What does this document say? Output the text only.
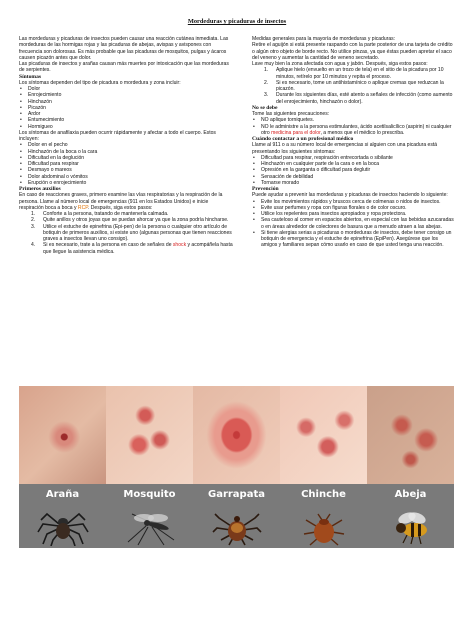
Mordeduras y picaduras de insectos

Las mordeduras y picaduras de insectos pueden causar una reacción cutánea inmediata. Las mordeduras de las hormigas rojas y las picaduras de abejas, avispas y avispones con frecuencia son dolorosas. Es más probable que las picaduras de mosquitos, pulgas y ácaros causen picazón antes que dolor.

Las picaduras de insectos y arañas causan más muertes por intoxicación que las mordeduras de serpientes.

Síntomas

Los síntomas dependen del tipo de picadura o mordedura y zona incluir:

• Dolor
• Enrojecimiento
• Hinchazón
• Picazón
• Ardor
• Entumecimiento
• Hormigueo

Los síntomas de anafilaxia pueden ocurrir rápidamente y afectar a todo el cuerpo. Estos incluyen:

• Dolor en el pecho
• Hinchazón de la boca o la cara
• Dificultad en la deglución
• Dificultad para respirar
• Desmayo o mareos
• Dolor abdominal o vómitos
• Erupción o enrojecimiento
Primeros auxilios

En caso de reacciones graves, primero examine las vías respiratorias y la respiración de la persona. Llame al número local de emergencias (911 en los Estados Unidos) e inicie respiración boca a boca y RCP. Después, siga estos pasos:

1. Conforte a la persona, tratando de mantenerla calmada.
2. Quite anillos y otros joyas que se puedan ahorcar ya que la zona podría hincharse.
3. Utilice el estuche de epinefrina (Epi-pen) de la persona o cualquier otro artículo de botiquín de primeros auxilios, si existe uno (algunas personas que tienen reacciones graves a insectos llevan uno consigo).
4. Si es necesario, trate a la persona en caso de señales de shock y acompáñela hasta que llegue la asistencia médica.

Medidas generales para la mayoría de mordeduras y picaduras:

Retire el aguijón si está presente raspando con la parte posterior de una tarjeta de crédito o algún otro objeto de borde recto. No utilice pinzas, ya que éstas pueden apretar el saco del veneno y aumentar la cantidad de veneno secretado.

Lave muy bien la zona afectada con agua y jabón. Después, siga estos pasos:

1. Aplique hielo (envuelto en un trozo de tela) en el sitio de la picadura por 10 minutos, retírelo por 10 minutos y repita el proceso.
2. Si es necesario, tome un antihistamínico o aplique cremas que reduzcan la picazón.
3. Durante los siguientes días, esté atento a señales de infección (como aumento del enrojecimiento, hinchazón o dolor).
No se debe

Tome las siguientes precauciones:

• NO aplique torniquetes.
• NO le administre a la persona estimulantes, ácido acetilsalicílico (aspirin) ni cualquier otro medicina para el dolor, a menos que el médico lo prescriba.
Cuándo contactar a un profesional médico

Llame al 911 o a su número local de emergencias si alguien con una picadura está presentando los siguientes síntomas:

• Dificultad para respirar, respiración entrecortada o sibilante
• Hinchazón en cualquier parte de la cara o en la boca
• Opresión en la garganta o dificultad para deglutir
• Sensación de debilidad
• Tornarse morado
Prevención

Puede ayudar a prevenir las mordeduras y picaduras de insectos haciendo lo siguiente:

• Evite los movimientos rápidos y bruscos cerca de colmenas o nidos de insectos.
• Evite usar perfumes y ropa con figuras florales o de color oscuro.
• Utilice los repelentes para insectos apropiados y ropa protectora.
• Sea cauteloso al comer en espacios abiertos, en especial con las bebidas azucaradas o en áreas alrededor de colectores de basura que a menudo atraen a las abejas.
• Si tiene alergias serias a picaduras o mordeduras de insectos, debe tener consigo un botiquín de emergencia y el estuche de epinefrina (EpiPen). Asegúrese que los amigos y familiares sepan cómo usarlo en caso de que usted tenga una reacción.
Araña	Mosquito	Garrapata	Chinche	Abeja
